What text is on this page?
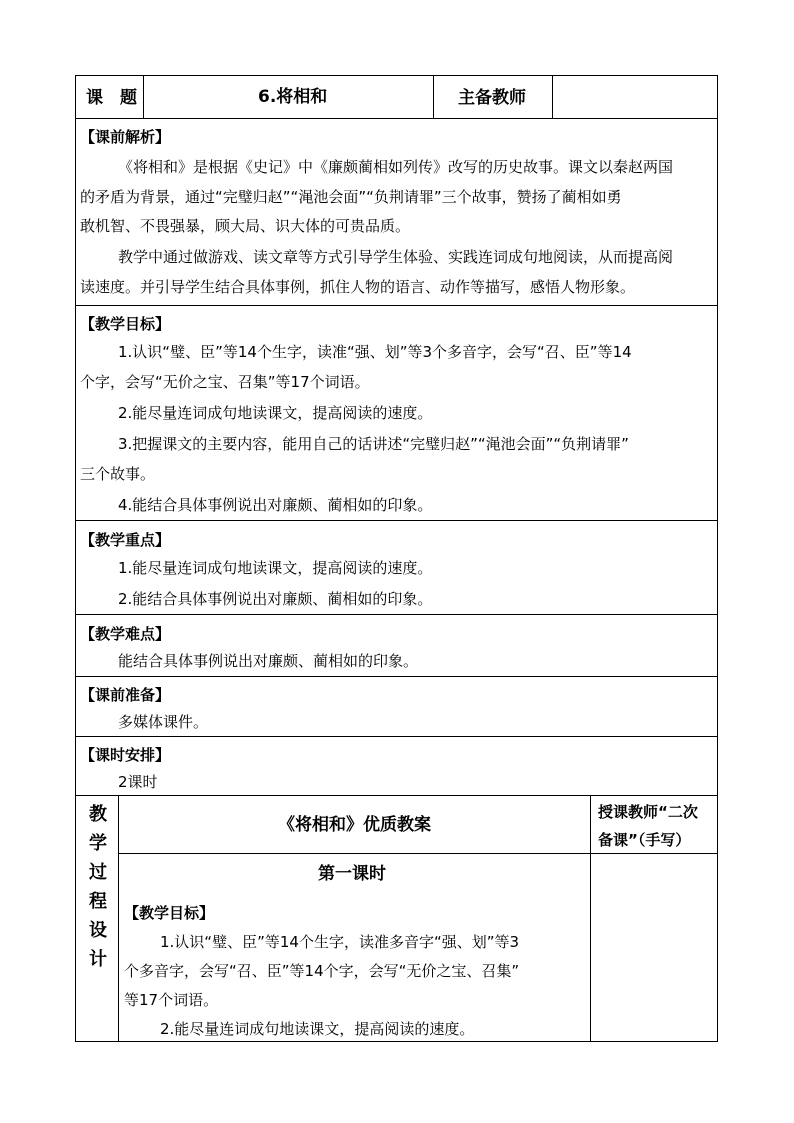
课　题	6.将相和	主备教师
【课前解析】
《将相和》是根据《史记》中《廉颇蔺相如列传》改写的历史故事。课文以秦赵两国
的矛盾为背景，通过“完璧归赵”“渑池会面”“负荆请罪”三个故事，赞扬了蔺相如勇
敢机智、不畏强暴，顾大局、识大体的可贵品质。
教学中通过做游戏、读文章等方式引导学生体验、实践连词成句地阅读，从而提高阅
读速度。并引导学生结合具体事例，抓住人物的语言、动作等描写，感悟人物形象。
【教学目标】
1.认识“璧、臣”等14个生字，读准“强、划”等3个多音字，会写“召、臣”等14
个字，会写“无价之宝、召集”等17个词语。
2.能尽量连词成句地读课文，提高阅读的速度。
3.把握课文的主要内容，能用自己的话讲述“完璧归赵”“渑池会面”“负荆请罪”
三个故事。
4.能结合具体事例说出对廉颇、蔺相如的印象。
【教学重点】
1.能尽量连词成句地读课文，提高阅读的速度。
2.能结合具体事例说出对廉颇、蔺相如的印象。
【教学难点】
能结合具体事例说出对廉颇、蔺相如的印象。
【课前准备】
多媒体课件。
【课时安排】
2课时
教
学
过
程
设
计
《将相和》优质教案
授课教师“二次
备课”（手写）
第一课时
【教学目标】
1.认识“璧、臣”等14个生字，读准多音字“强、划”等3
个多音字，会写“召、臣”等14个字，会写“无价之宝、召集”
等17个词语。
2.能尽量连词成句地读课文，提高阅读的速度。
